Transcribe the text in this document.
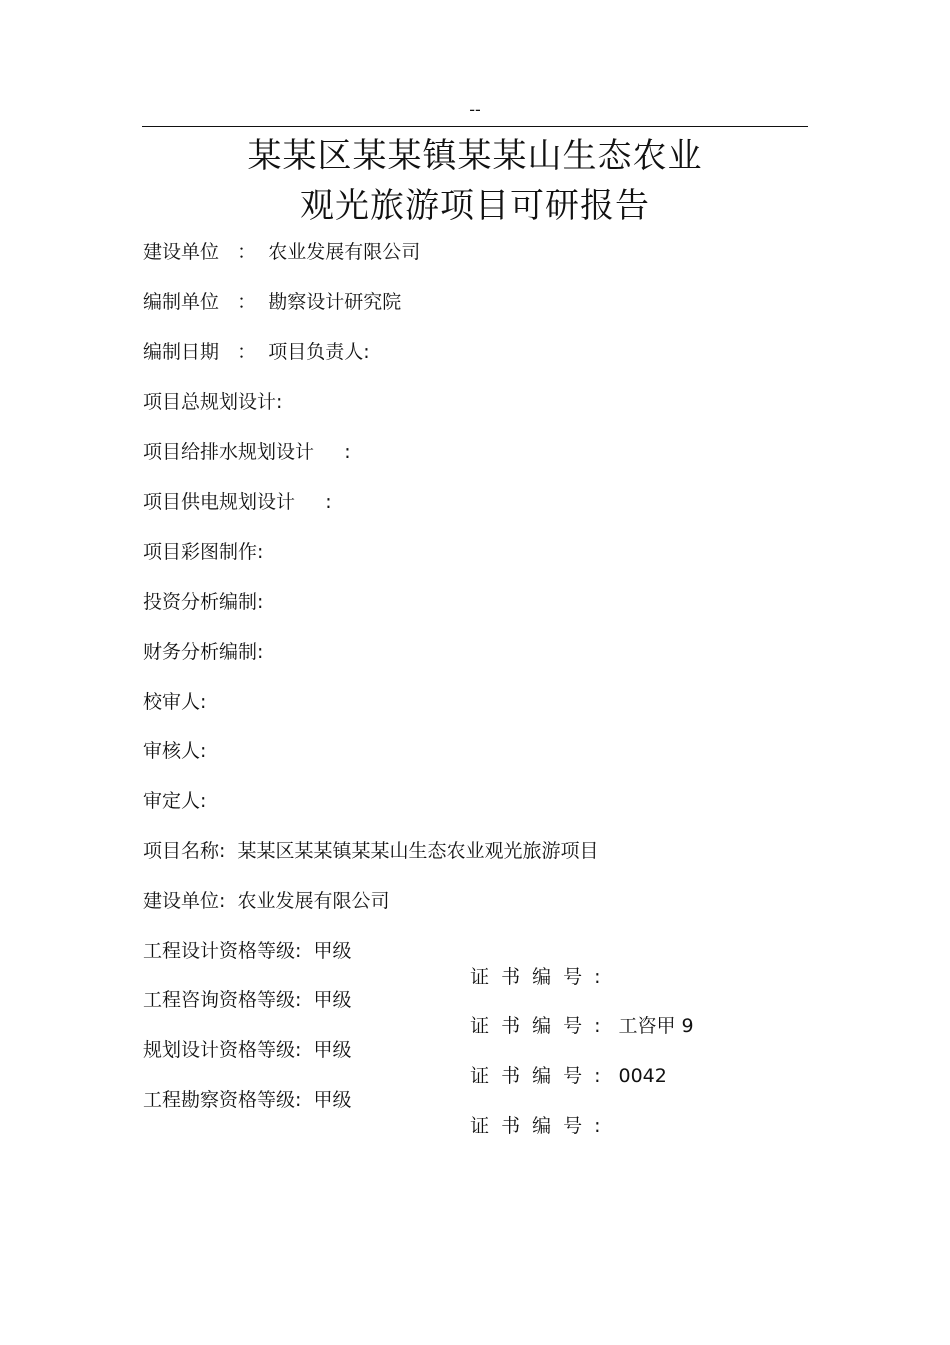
--
某某区某某镇某某山生态农业
观光旅游项目可研报告
建设单位   ：  农业发展有限公司
编制单位   ：  勘察设计研究院
编制日期   ：  项目负责人:
项目总规划设计:
项目给排水规划设计     :
项目供电规划设计     :
项目彩图制作:
投资分析编制:
财务分析编制:
校审人:
审核人:
审定人:
项目名称:  某某区某某镇某某山生态农业观光旅游项目
建设单位:  农业发展有限公司
工程设计资格等级:  甲级

证书编号:

工程咨询资格等级:  甲级

证书编号: 工咨甲 9

规划设计资格等级:  甲级

证书编号: 0042

工程勘察资格等级:  甲级

证书编号:
